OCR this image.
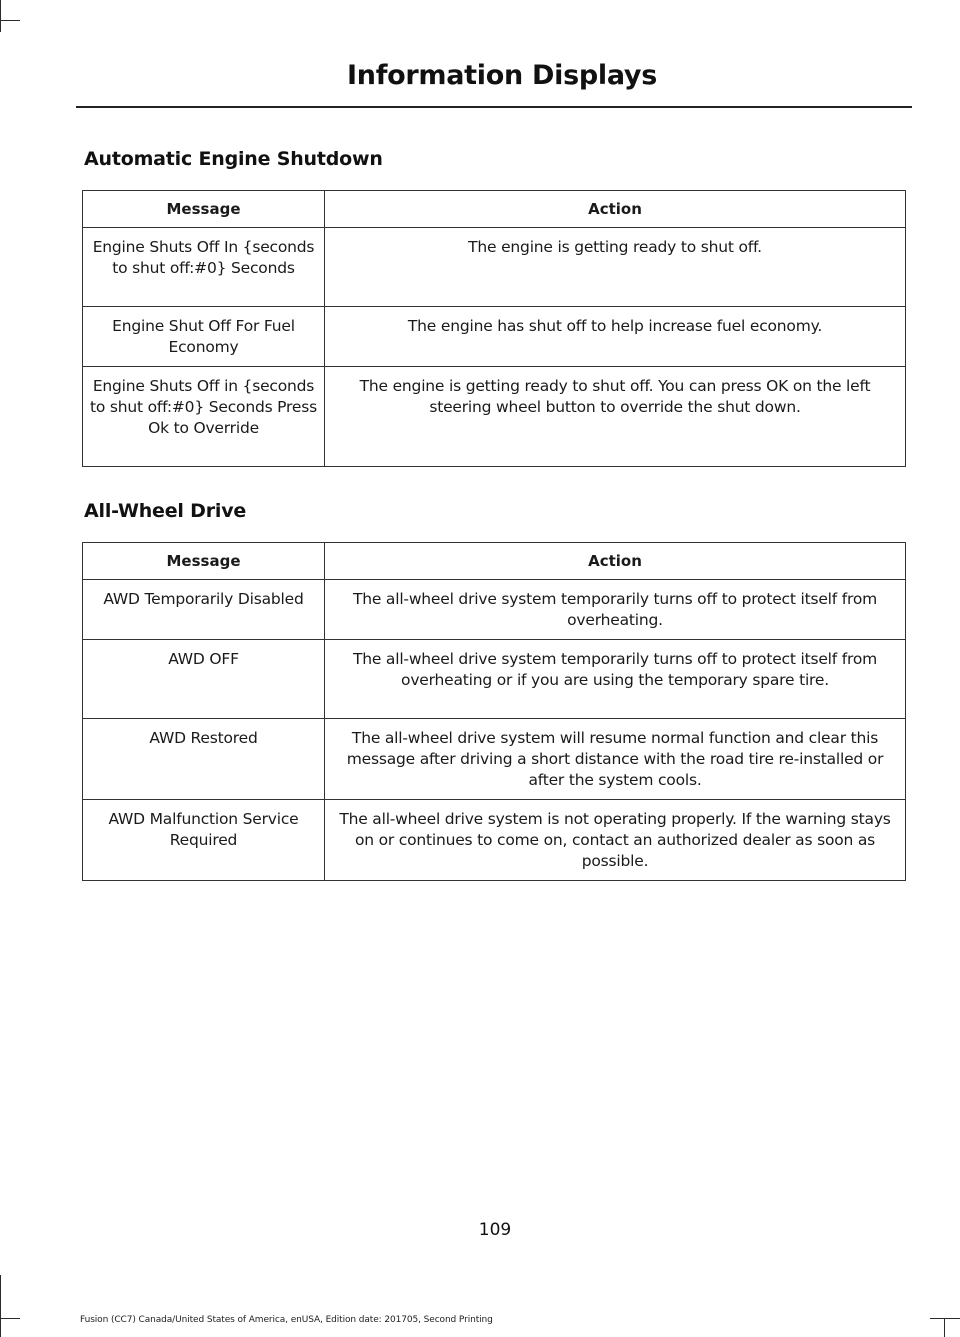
Information Displays
Automatic Engine Shutdown
Message	Action
Engine Shuts Off In {seconds to shut off:#0} Seconds	The engine is getting ready to shut off.
Engine Shut Off For Fuel Economy	The engine has shut off to help increase fuel economy.
Engine Shuts Off in {seconds to shut off:#0} Seconds Press Ok to Override	The engine is getting ready to shut off. You can press OK on the left steering wheel button to override the shut down.
All-Wheel Drive
Message	Action
AWD Temporarily Disabled	The all-wheel drive system temporarily turns off to protect itself from overheating.
AWD OFF	The all-wheel drive system temporarily turns off to protect itself from overheating or if you are using the temporary spare tire.
AWD Restored	The all-wheel drive system will resume normal function and clear this message after driving a short distance with the road tire re-installed or after the system cools.
AWD Malfunction Service Required	The all-wheel drive system is not operating properly. If the warning stays on or continues to come on, contact an authorized dealer as soon as possible.
109
Fusion (CC7) Canada/United States of America, enUSA, Edition date: 201705, Second Printing
